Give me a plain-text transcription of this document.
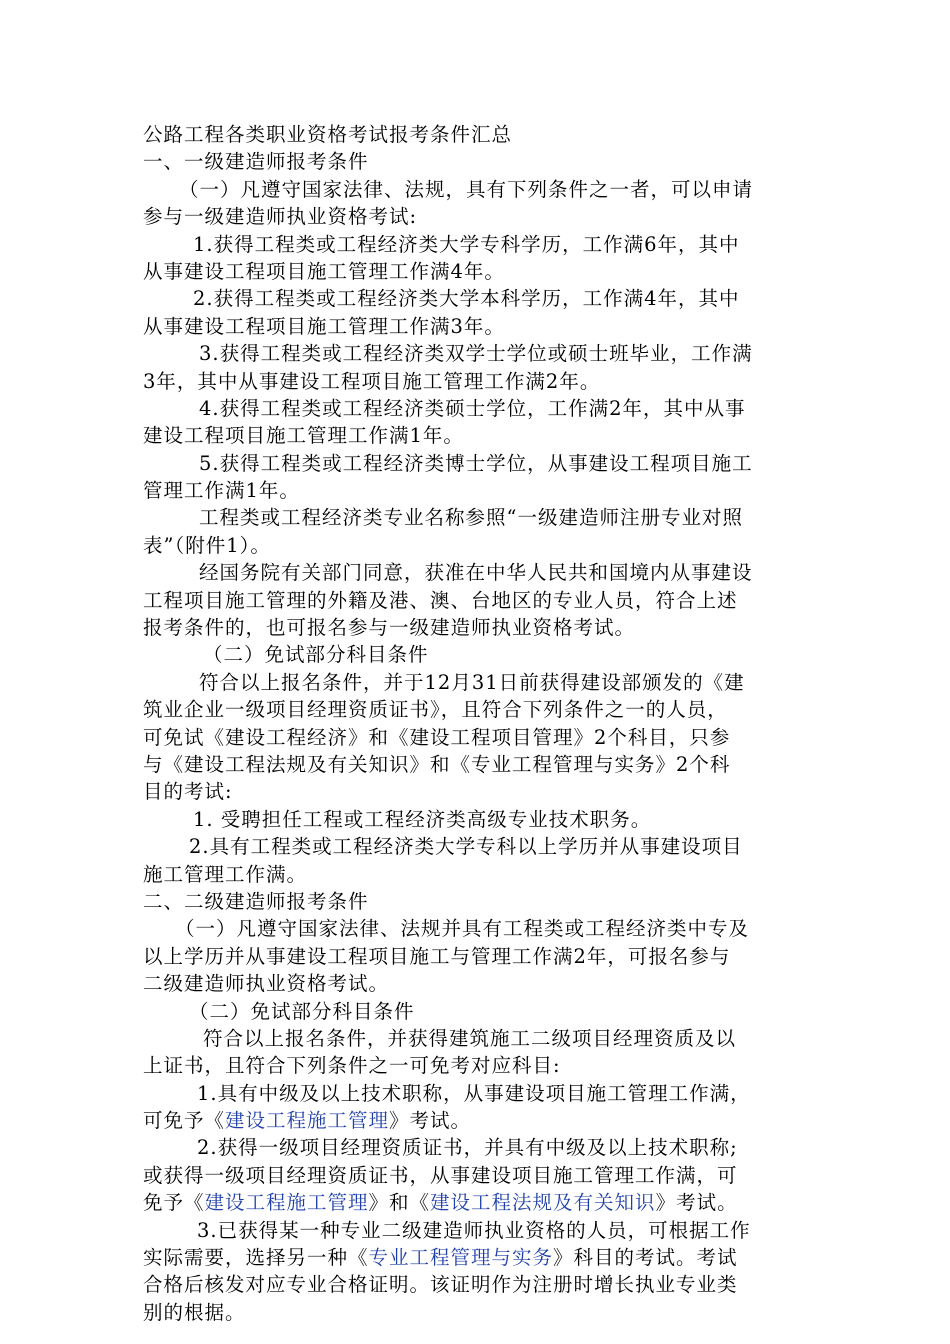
公路工程各类职业资格考试报考条件汇总
一、一级建造师报考条件
（一）凡遵守国家法律、法规，具有下列条件之一者，可以申请
参与一级建造师执业资格考试:
1.获得工程类或工程经济类大学专科学历，工作满6年，其中
从事建设工程项目施工管理工作满4年。
2.获得工程类或工程经济类大学本科学历，工作满4年，其中
从事建设工程项目施工管理工作满3年。
3.获得工程类或工程经济类双学士学位或硕士班毕业，工作满
3年，其中从事建设工程项目施工管理工作满2年。
4.获得工程类或工程经济类硕士学位，工作满2年，其中从事
建设工程项目施工管理工作满1年。
5.获得工程类或工程经济类博士学位，从事建设工程项目施工
管理工作满1年。
工程类或工程经济类专业名称参照“一级建造师注册专业对照
表”（附件1）。
经国务院有关部门同意，获准在中华人民共和国境内从事建设
工程项目施工管理的外籍及港、澳、台地区的专业人员，符合上述
报考条件的，也可报名参与一级建造师执业资格考试。
（二）免试部分科目条件
符合以上报名条件，并于12月31日前获得建设部颁发的《建
筑业企业一级项目经理资质证书》，且符合下列条件之一的人员，
可免试《建设工程经济》和《建设工程项目管理》2个科目，只参
与《建设工程法规及有关知识》和《专业工程管理与实务》2个科
目的考试:
1. 受聘担任工程或工程经济类高级专业技术职务。
2.具有工程类或工程经济类大学专科以上学历并从事建设项目
施工管理工作满。
二、二级建造师报考条件
（一）凡遵守国家法律、法规并具有工程类或工程经济类中专及
以上学历并从事建设工程项目施工与管理工作满2年，可报名参与
二级建造师执业资格考试。
（二）免试部分科目条件
符合以上报名条件，并获得建筑施工二级项目经理资质及以
上证书，且符合下列条件之一可免考对应科目:
1.具有中级及以上技术职称，从事建设项目施工管理工作满，
可免予《建设工程施工管理》考试。
2.获得一级项目经理资质证书，并具有中级及以上技术职称;
或获得一级项目经理资质证书，从事建设项目施工管理工作满，可
免予《建设工程施工管理》和《建设工程法规及有关知识》考试。
3.已获得某一种专业二级建造师执业资格的人员，可根据工作
实际需要，选择另一种《专业工程管理与实务》科目的考试。考试
合格后核发对应专业合格证明。该证明作为注册时增长执业专业类
别的根据。
